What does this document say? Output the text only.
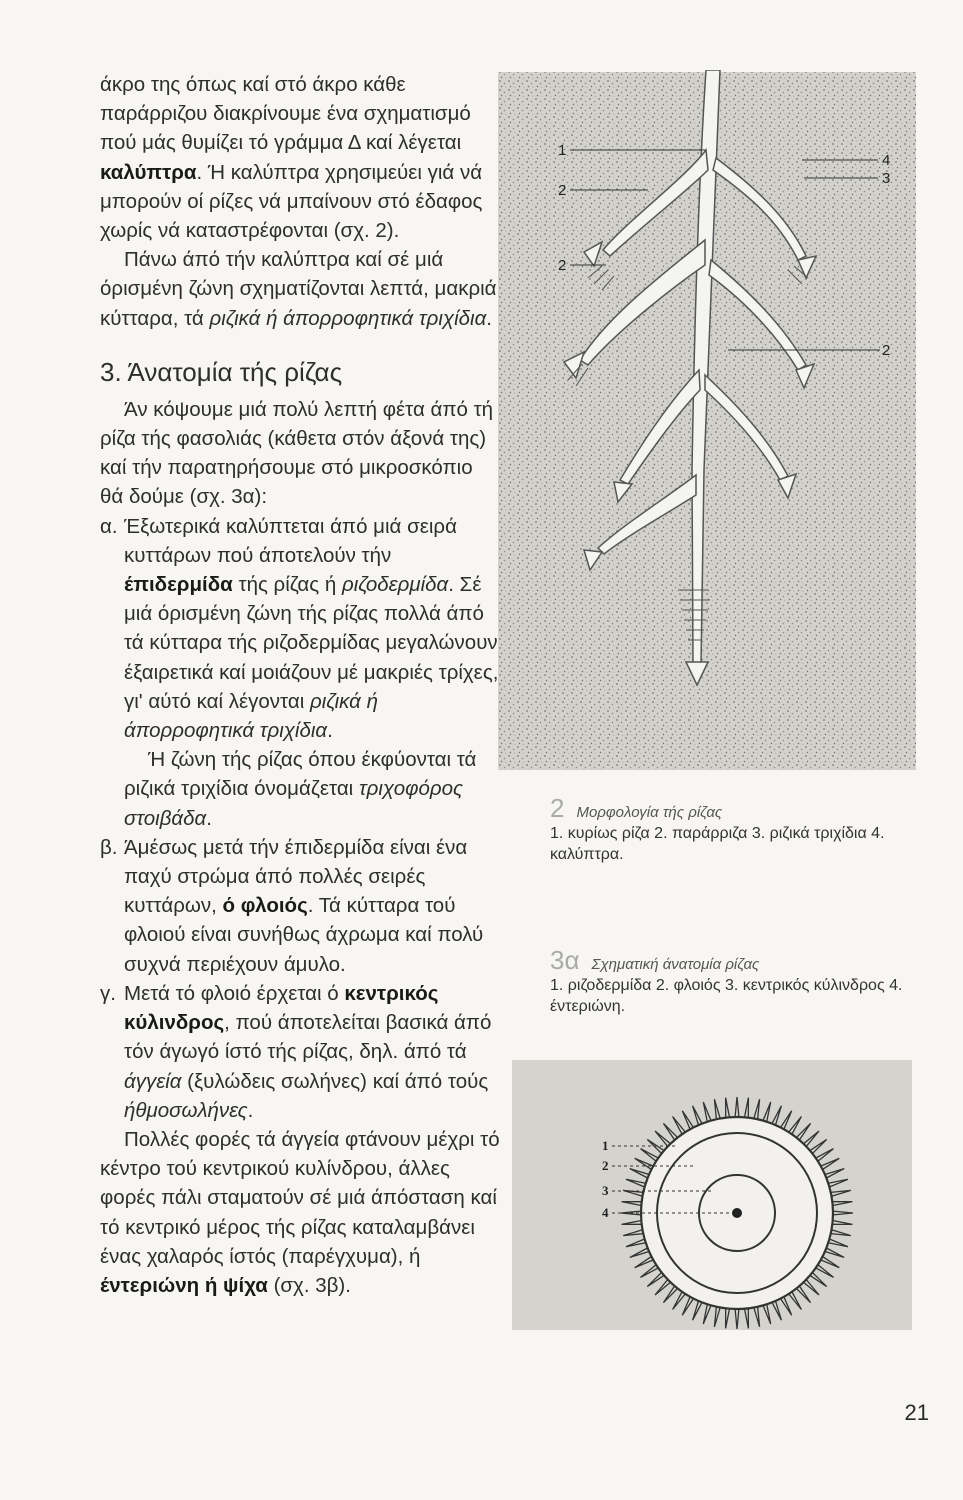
άκρο της όπως καί στό άκρο κάθε παράρριζου διακρίνουμε ένα σχηματισμό πού μάς θυμίζει τό γράμμα Δ καί λέγεται καλύπτρα. Ή καλύπτρα χρησιμεύει γιά νά μπορούν οί ρίζες νά μπαίνουν στό έδαφος χωρίς νά καταστρέφονται (σχ. 2).

Πάνω άπό τήν καλύπτρα καί σέ μιά όρισμένη ζώνη σχηματίζονται λεπτά, μακριά κύτταρα, τά ριζικά ή άπορροφητικά τριχίδια.

3. Άνατομία τής ρίζας

Άν κόψουμε μιά πολύ λεπτή φέτα άπό τή ρίζα τής φασολιάς (κάθετα στόν άξονά της) καί τήν παρατηρήσουμε στό μικροσκόπιο θά δούμε (σχ. 3α):

α. Έξωτερικά καλύπτεται άπό μιά σειρά κυττάρων πού άποτελούν τήν έπιδερμίδα τής ρίζας ή ριζοδερμίδα. Σέ μιά όρισμένη ζώνη τής ρίζας πολλά άπό τά κύτταρα τής ριζοδερμίδας μεγαλώνουν έξαιρετικά καί μοιάζουν μέ μακριές τρίχες, γι' αύτό καί λέγονται ριζικά ή άπορροφητικά τριχίδια.

Ή ζώνη τής ρίζας όπου έκφύονται τά ριζικά τριχίδια όνομάζεται τριχοφόρος στοιβάδα.

β. Άμέσως μετά τήν έπιδερμίδα είναι ένα παχύ στρώμα άπό πολλές σειρές κυττάρων, ό φλοιός. Τά κύτταρα τού φλοιού είναι συνήθως άχρωμα καί πολύ συχνά περιέχουν άμυλο.

γ. Μετά τό φλοιό έρχεται ό κεντρικός κύλινδρος, πού άποτελείται βασικά άπό τόν άγωγό ίστό τής ρίζας, δηλ. άπό τά άγγεία (ξυλώδεις σωλήνες) καί άπό τούς ήθμοσωλήνες.

Πολλές φορές τά άγγεία φτάνουν μέχρι τό κέντρο τού κεντρικού κυλίνδρου, άλλες φορές πάλι σταματούν σέ μιά άπόσταση καί τό κεντρικό μέρος τής ρίζας καταλαμβάνει ένας χαλαρός ίστός (παρέγχυμα), ή έντεριώνη ή ψίχα (σχ. 3β).

1
2
2
4
3
2
2 Μορφολογία τής ρίζας
1. κυρίως ρίζα 2. παράρριζα 3. ριζικά τριχίδια 4. καλύπτρα.
3α Σχηματική άνατομία ρίζας
1. ριζοδερμίδα 2. φλοιός 3. κεντρικός κύλινδρος 4. έντεριώνη.
1
2
3
4
21
